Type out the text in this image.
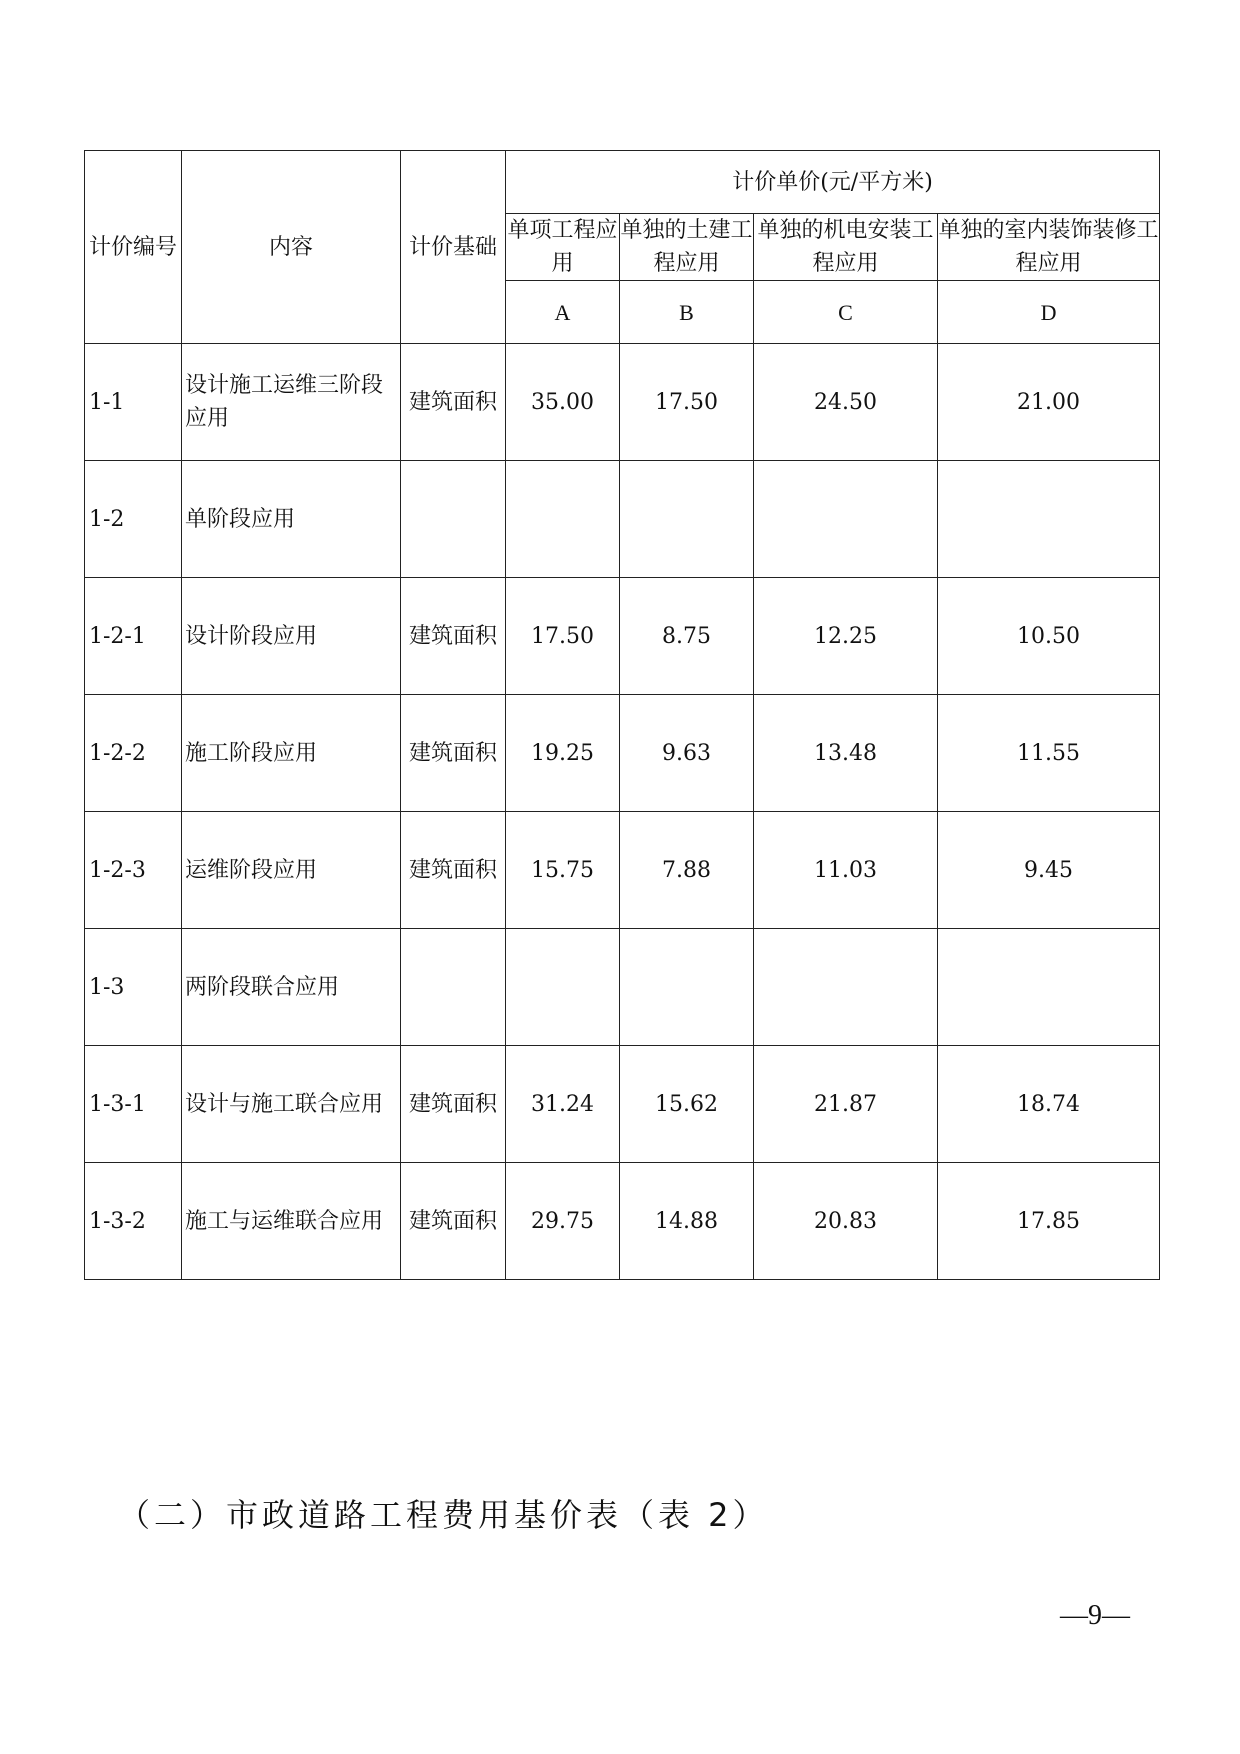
计价编号	内容	计价基础	计价单价(元/平方米)			
			单项工程应用	单独的土建工程应用	单独的机电安装工程应用	单独的室内装饰装修工程应用
			A	B	C	D
1-1	设计施工运维三阶段应用	建筑面积	35.00	17.50	24.50	21.00
1-2	单阶段应用					
1-2-1	设计阶段应用	建筑面积	17.50	8.75	12.25	10.50
1-2-2	施工阶段应用	建筑面积	19.25	9.63	13.48	11.55
1-2-3	运维阶段应用	建筑面积	15.75	7.88	11.03	9.45
1-3	两阶段联合应用					
1-3-1	设计与施工联合应用	建筑面积	31.24	15.62	21.87	18.74
1-3-2	施工与运维联合应用	建筑面积	29.75	14.88	20.83	17.85
（二）市政道路工程费用基价表（表 2）
—9—
